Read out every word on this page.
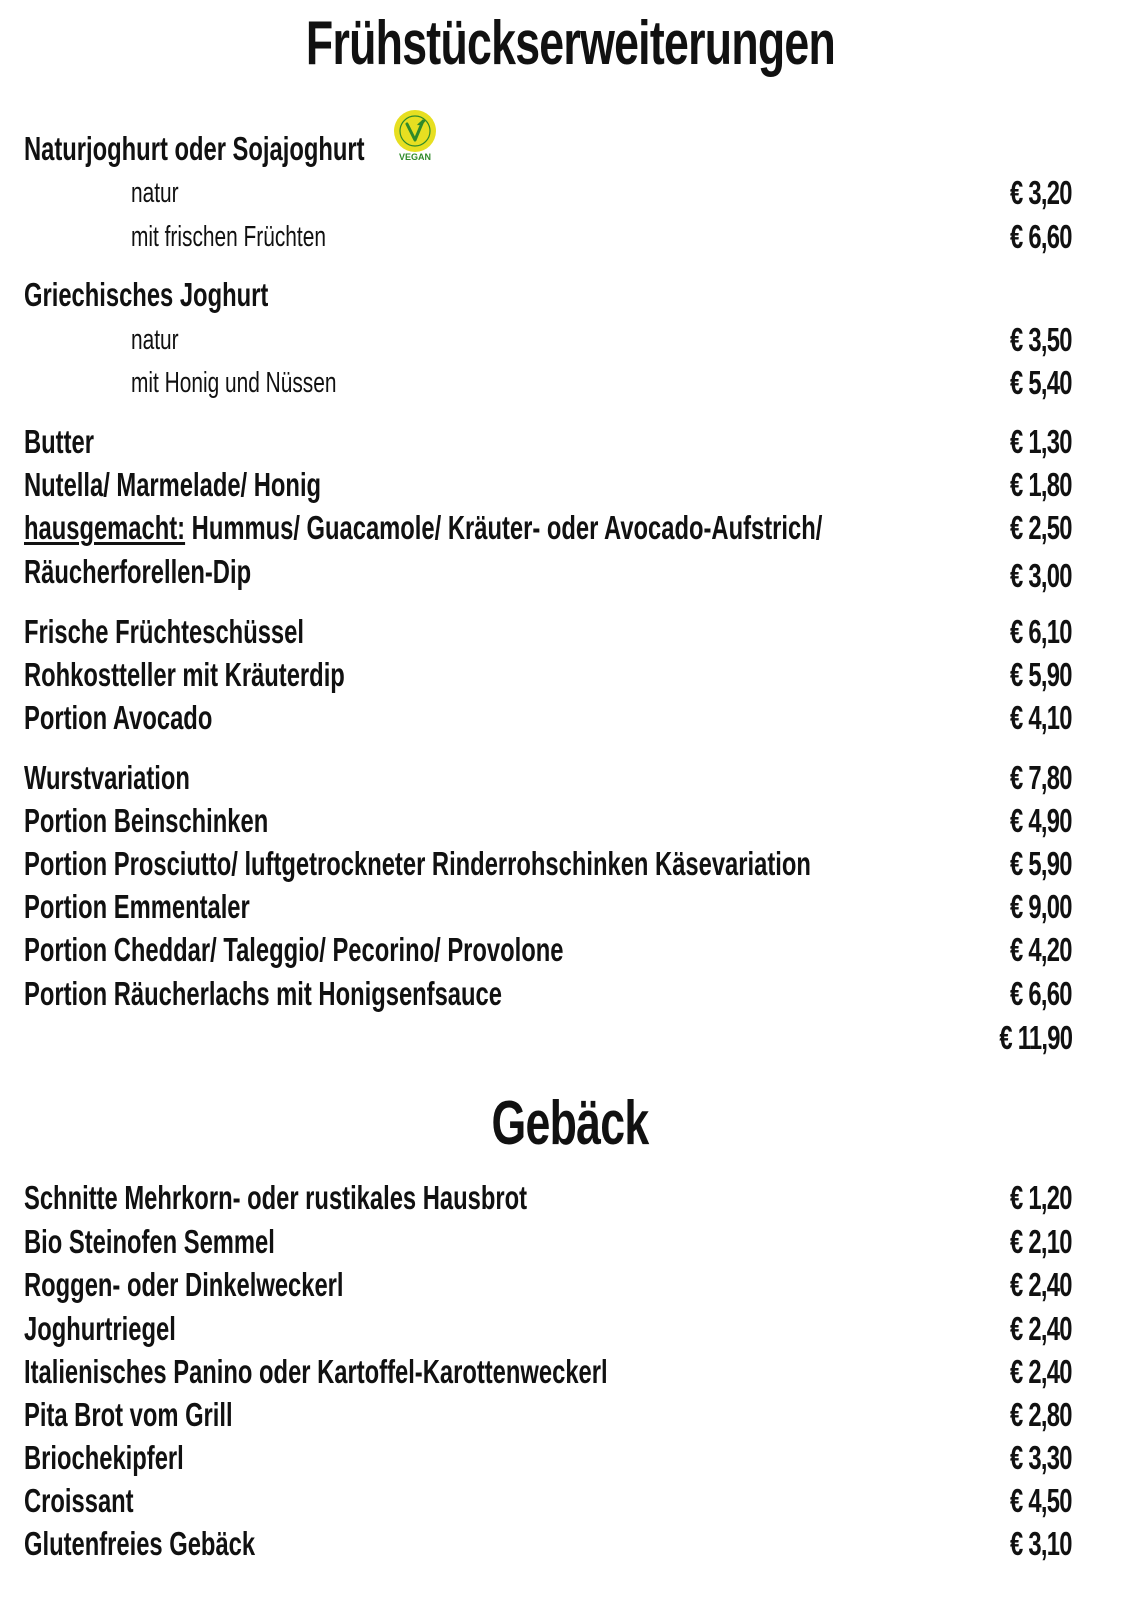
Frühstückserweiterungen
Naturjoghurt oder Sojajoghurt	VEGAN
natur	€ 3,20
mit frischen Früchten	€ 6,60
Griechisches Joghurt
natur	€ 3,50
mit Honig und Nüssen	€ 5,40
Butter	€ 1,30
Nutella/ Marmelade/ Honig	€ 1,80
hausgemacht: Hummus/ Guacamole/ Kräuter- oder Avocado-Aufstrich/	€ 2,50
Räucherforellen-Dip	€ 3,00
Frische Früchteschüssel	€ 6,10
Rohkostteller mit Kräuterdip	€ 5,90
Portion Avocado	€ 4,10
Wurstvariation	€ 7,80
Portion Beinschinken	€ 4,90
Portion Prosciutto/ luftgetrockneter Rinderrohschinken Käsevariation	€ 5,90
Portion Emmentaler	€ 9,00
Portion Cheddar/ Taleggio/ Pecorino/ Provolone	€ 4,20
Portion Räucherlachs mit Honigsenfsauce	€ 6,60
€ 11,90
Gebäck
Schnitte Mehrkorn- oder rustikales Hausbrot	€ 1,20
Bio Steinofen Semmel	€ 2,10
Roggen- oder Dinkelweckerl	€ 2,40
Joghurtriegel	€ 2,40
Italienisches Panino oder Kartoffel-Karottenweckerl	€ 2,40
Pita Brot vom Grill	€ 2,80
Briochekipferl	€ 3,30
Croissant	€ 4,50
Glutenfreies Gebäck	€ 3,10
